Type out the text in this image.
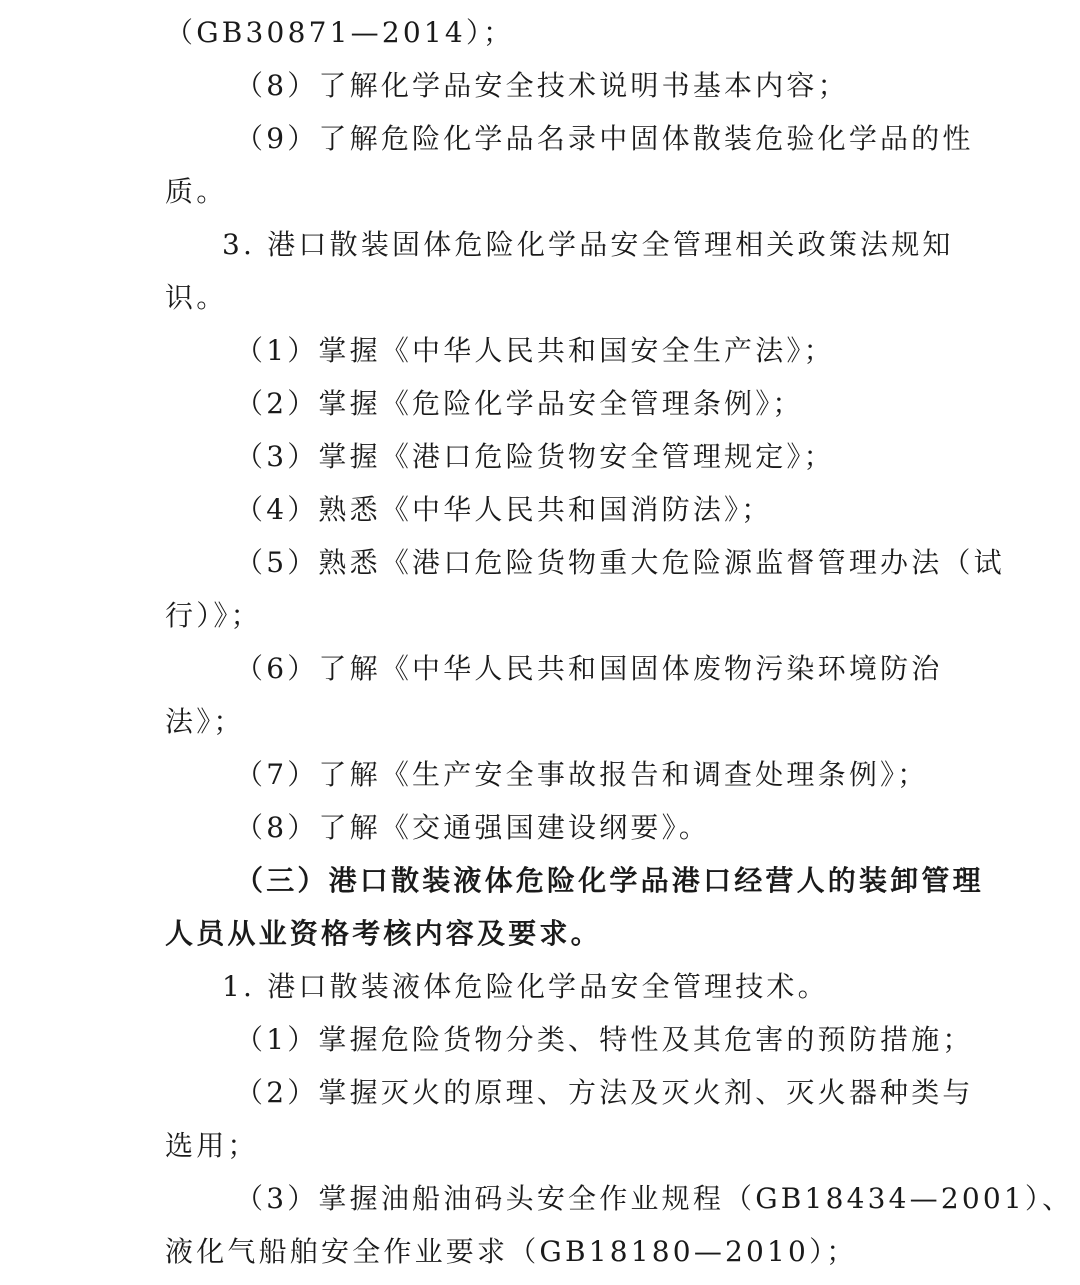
（GB30871—2014）；
（8）了解化学品安全技术说明书基本内容；
（9）了解危险化学品名录中固体散装危验化学品的性
质。
3. 港口散装固体危险化学品安全管理相关政策法规知
识。
（1）掌握《中华人民共和国安全生产法》；
（2）掌握《危险化学品安全管理条例》；
（3）掌握《港口危险货物安全管理规定》；
（4）熟悉《中华人民共和国消防法》；
（5）熟悉《港口危险货物重大危险源监督管理办法（试
行）》；
（6）了解《中华人民共和国固体废物污染环境防治
法》；
（7）了解《生产安全事故报告和调查处理条例》；
（8）了解《交通强国建设纲要》。
（三）港口散装液体危险化学品港口经营人的装卸管理
人员从业资格考核内容及要求。
1. 港口散装液体危险化学品安全管理技术。
（1）掌握危险货物分类、特性及其危害的预防措施；
（2）掌握灭火的原理、方法及灭火剂、灭火器种类与
选用；
（3）掌握油船油码头安全作业规程（GB18434—2001）、
液化气船舶安全作业要求（GB18180—2010）；
